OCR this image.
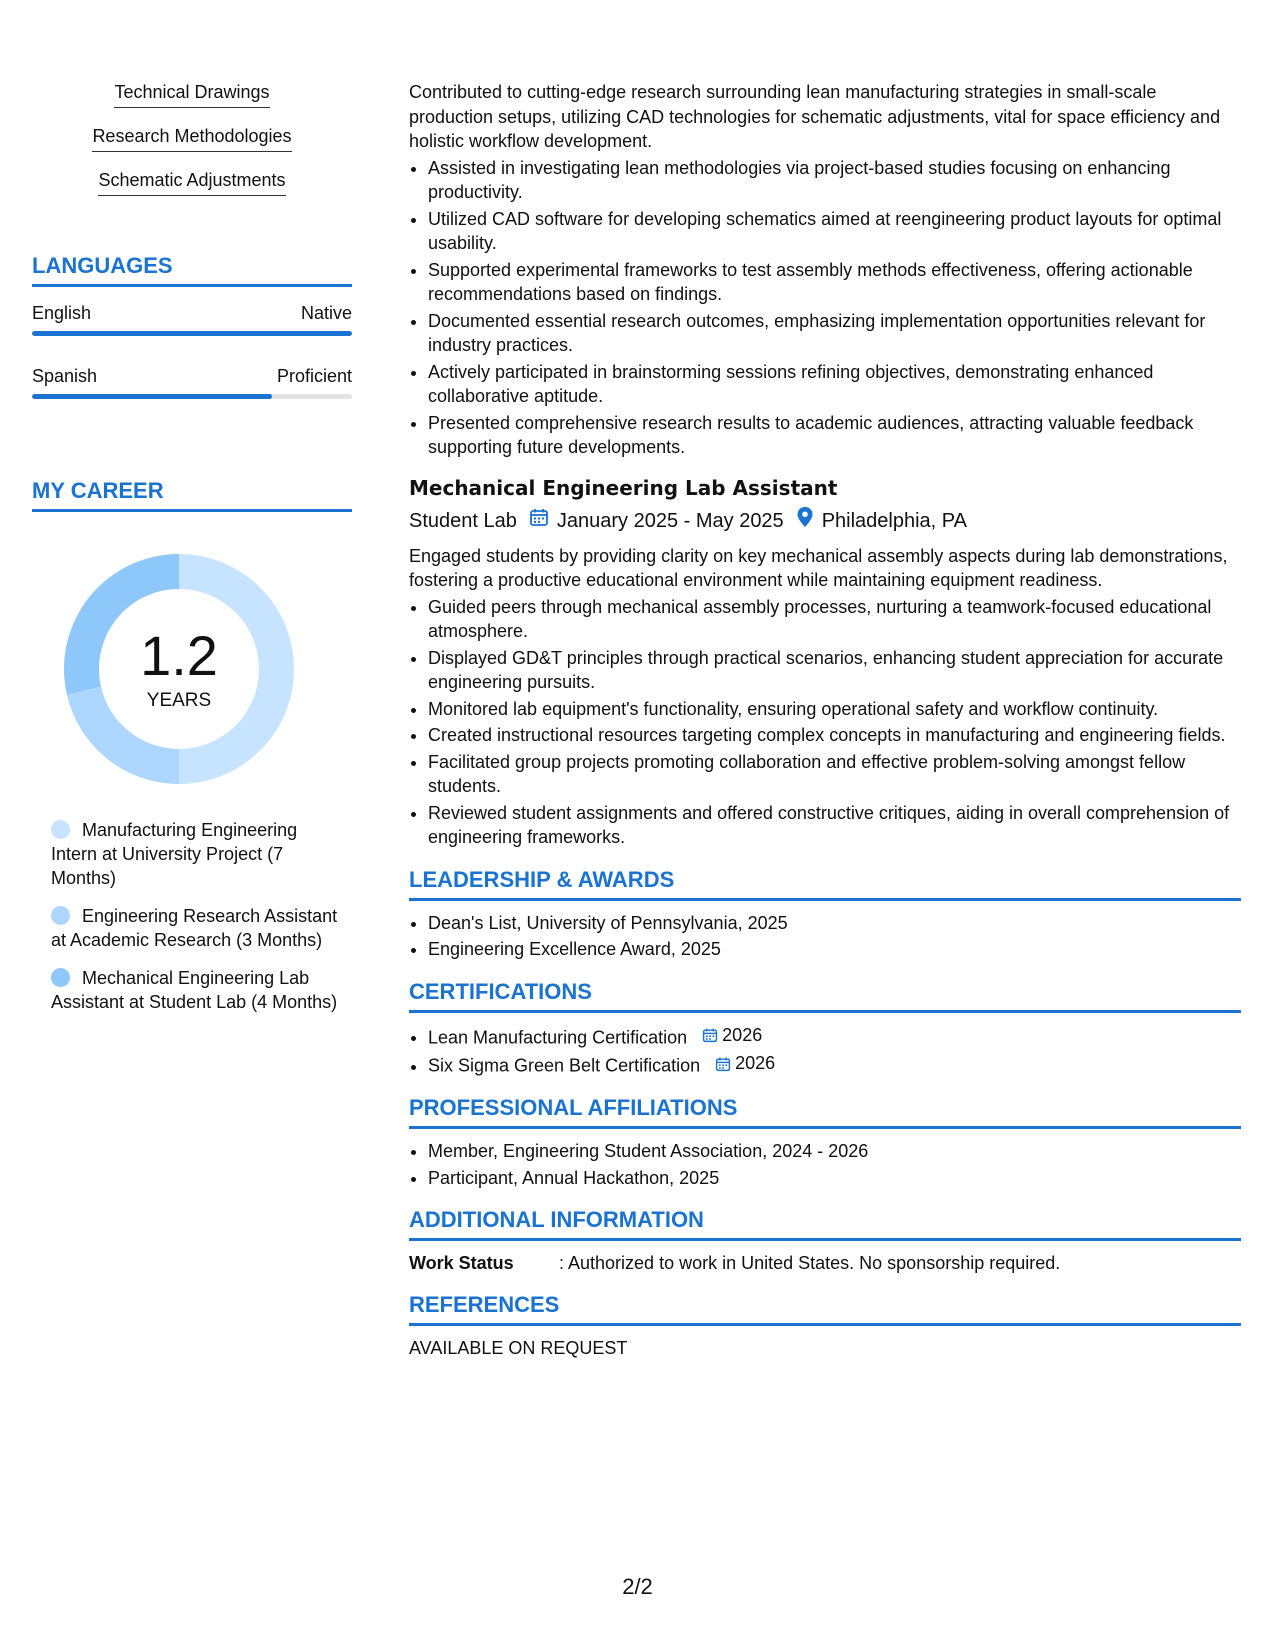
Technical Drawings
Research Methodologies
Schematic Adjustments
LANGUAGES
English	Native
Spanish	Proficient
MY CAREER
1.2
YEARS
Manufacturing Engineering Intern at University Project (7 Months)
Engineering Research Assistant at Academic Research (3 Months)
Mechanical Engineering Lab Assistant at Student Lab (4 Months)

Contributed to cutting-edge research surrounding lean manufacturing strategies in small-scale production setups, utilizing CAD technologies for schematic adjustments, vital for space efficiency and holistic workflow development.

• Assisted in investigating lean methodologies via project-based studies focusing on enhancing productivity.
• Utilized CAD software for developing schematics aimed at reengineering product layouts for optimal usability.
• Supported experimental frameworks to test assembly methods effectiveness, offering actionable recommendations based on findings.
• Documented essential research outcomes, emphasizing implementation opportunities relevant for industry practices.
• Actively participated in brainstorming sessions refining objectives, demonstrating enhanced collaborative aptitude.
• Presented comprehensive research results to academic audiences, attracting valuable feedback supporting future developments.
Mechanical Engineering Lab Assistant
Student Lab January 2025 - May 2025 Philadelphia, PA

Engaged students by providing clarity on key mechanical assembly aspects during lab demonstrations, fostering a productive educational environment while maintaining equipment readiness.

• Guided peers through mechanical assembly processes, nurturing a teamwork-focused educational atmosphere.
• Displayed GD&T principles through practical scenarios, enhancing student appreciation for accurate engineering pursuits.
• Monitored lab equipment's functionality, ensuring operational safety and workflow continuity.
• Created instructional resources targeting complex concepts in manufacturing and engineering fields.
• Facilitated group projects promoting collaboration and effective problem-solving amongst fellow students.
• Reviewed student assignments and offered constructive critiques, aiding in overall comprehension of engineering frameworks.
LEADERSHIP & AWARDS
• Dean's List, University of Pennsylvania, 2025
• Engineering Excellence Award, 2025
CERTIFICATIONS
• Lean Manufacturing Certification 2026
• Six Sigma Green Belt Certification 2026
PROFESSIONAL AFFILIATIONS
• Member, Engineering Student Association, 2024 - 2026
• Participant, Annual Hackathon, 2025
ADDITIONAL INFORMATION
Work Status	: Authorized to work in United States. No sponsorship required.
REFERENCES
AVAILABLE ON REQUEST
2/2
